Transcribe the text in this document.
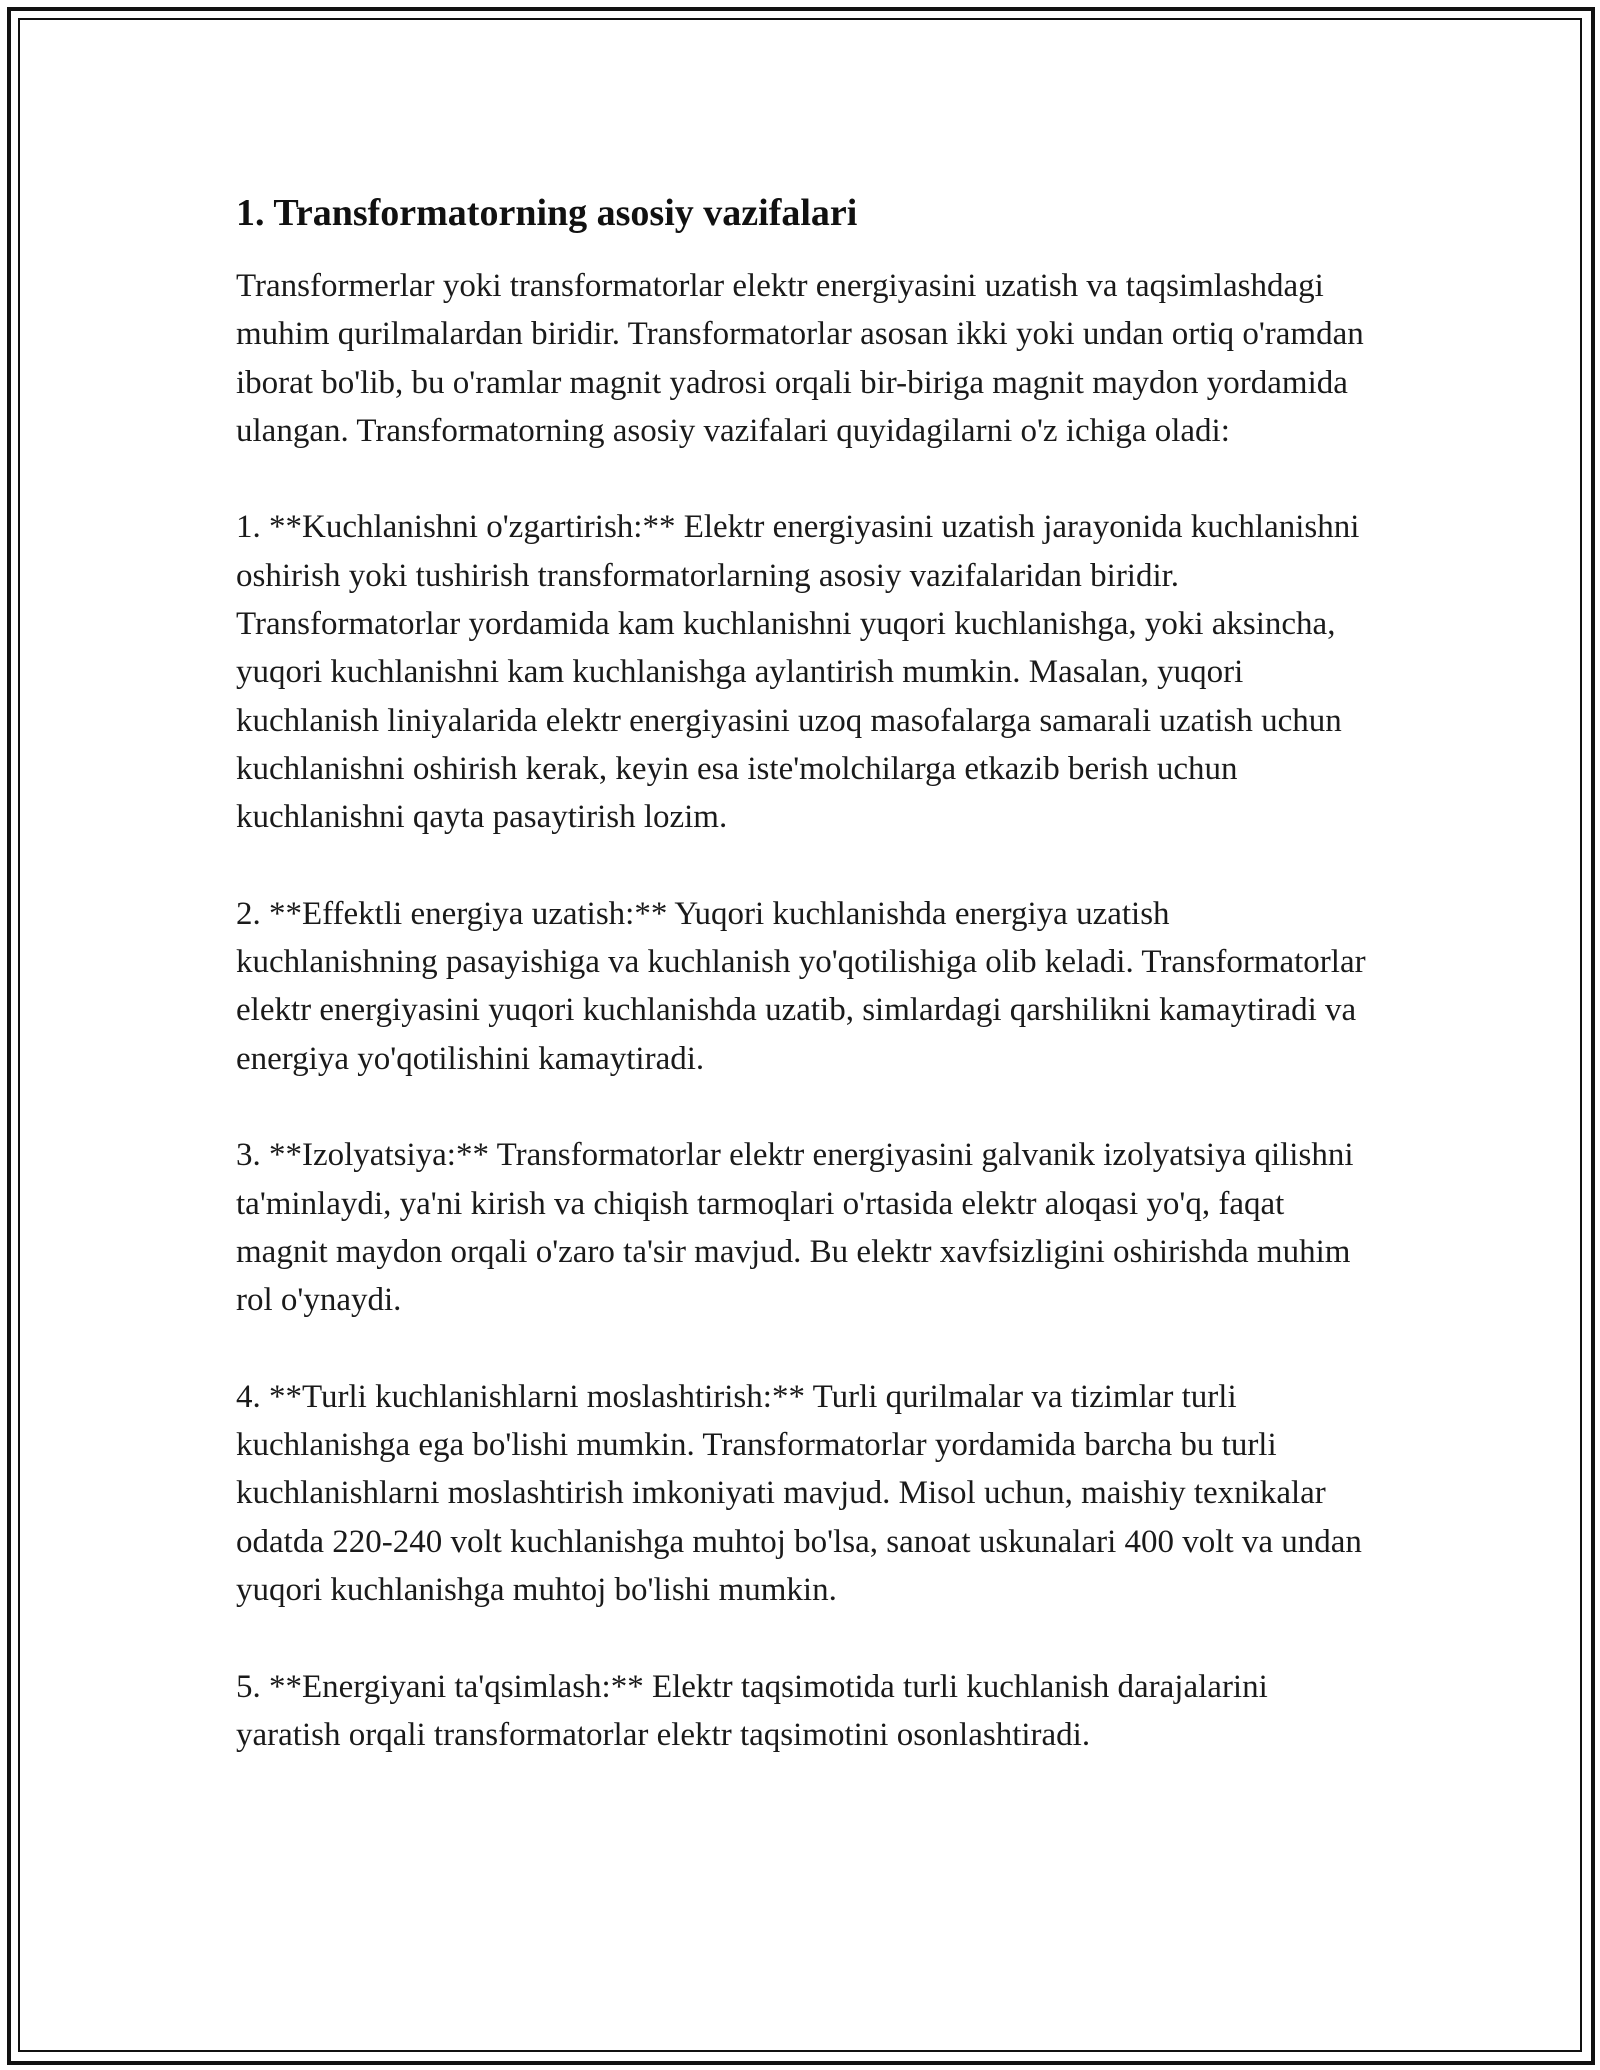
1. Transformatorning asosiy vazifalari

Transformerlar yoki transformatorlar elektr energiyasini uzatish va taqsimlashdagi muhim qurilmalardan biridir. Transformatorlar asosan ikki yoki undan ortiq o'ramdan iborat bo'lib, bu o'ramlar magnit yadrosi orqali bir-biriga magnit maydon yordamida ulangan. Transformatorning asosiy vazifalari quyidagilarni o'z ichiga oladi:

1. **Kuchlanishni o'zgartirish:** Elektr energiyasini uzatish jarayonida kuchlanishni oshirish yoki tushirish transformatorlarning asosiy vazifalaridan biridir. Transformatorlar yordamida kam kuchlanishni yuqori kuchlanishga, yoki aksincha, yuqori kuchlanishni kam kuchlanishga aylantirish mumkin. Masalan, yuqori kuchlanish liniyalarida elektr energiyasini uzoq masofalarga samarali uzatish uchun kuchlanishni oshirish kerak, keyin esa iste'molchilarga etkazib berish uchun kuchlanishni qayta pasaytirish lozim.

2. **Effektli energiya uzatish:** Yuqori kuchlanishda energiya uzatish kuchlanishning pasayishiga va kuchlanish yo'qotilishiga olib keladi. Transformatorlar elektr energiyasini yuqori kuchlanishda uzatib, simlardagi qarshilikni kamaytiradi va energiya yo'qotilishini kamaytiradi.

3. **Izolyatsiya:** Transformatorlar elektr energiyasini galvanik izolyatsiya qilishni ta'minlaydi, ya'ni kirish va chiqish tarmoqlari o'rtasida elektr aloqasi yo'q, faqat magnit maydon orqali o'zaro ta'sir mavjud. Bu elektr xavfsizligini oshirishda muhim rol o'ynaydi.

4. **Turli kuchlanishlarni moslashtirish:** Turli qurilmalar va tizimlar turli kuchlanishga ega bo'lishi mumkin. Transformatorlar yordamida barcha bu turli kuchlanishlarni moslashtirish imkoniyati mavjud. Misol uchun, maishiy texnikalar odatda 220-240 volt kuchlanishga muhtoj bo'lsa, sanoat uskunalari 400 volt va undan yuqori kuchlanishga muhtoj bo'lishi mumkin.

5. **Energiyani ta'qsimlash:** Elektr taqsimotida turli kuchlanish darajalarini yaratish orqali transformatorlar elektr taqsimotini osonlashtiradi.
